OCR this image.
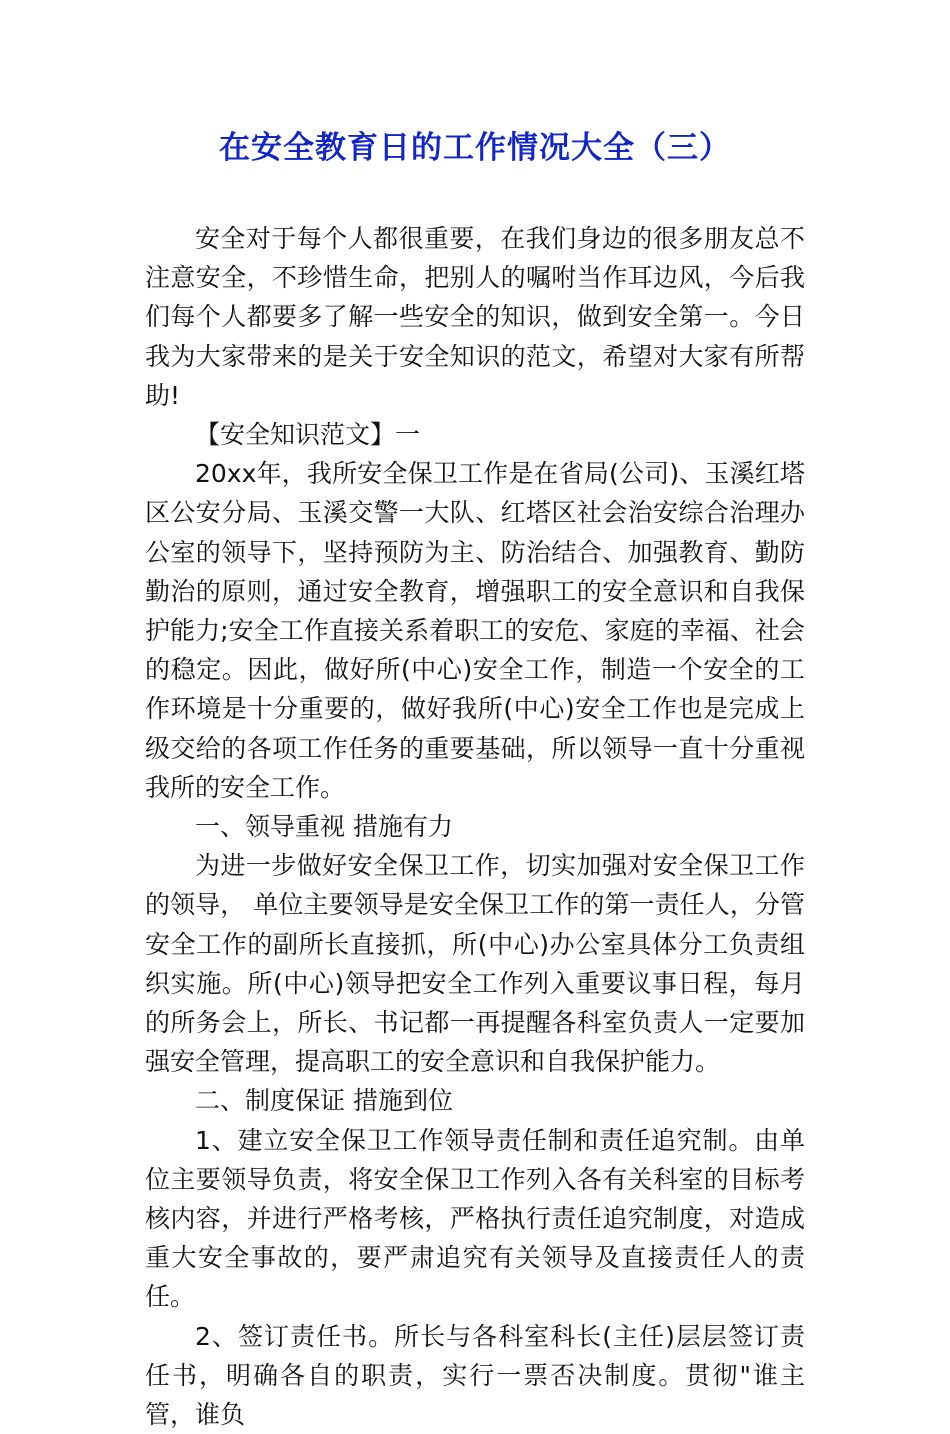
在安全教育日的工作情况大全（三）

安全对于每个人都很重要，在我们身边的很多朋友总不注意安全，不珍惜生命，把别人的嘱咐当作耳边风，今后我们每个人都要多了解一些安全的知识，做到安全第一。今日我为大家带来的是关于安全知识的范文，希望对大家有所帮助!

【安全知识范文】一

20xx年，我所安全保卫工作是在省局(公司)、玉溪红塔区公安分局、玉溪交警一大队、红塔区社会治安综合治理办公室的领导下，坚持预防为主、防治结合、加强教育、勤防勤治的原则，通过安全教育，增强职工的安全意识和自我保护能力;安全工作直接关系着职工的安危、家庭的幸福、社会的稳定。因此，做好所(中心)安全工作，制造一个安全的工作环境是十分重要的，做好我所(中心)安全工作也是完成上级交给的各项工作任务的重要基础，所以领导一直十分重视我所的安全工作。

一、领导重视 措施有力

为进一步做好安全保卫工作，切实加强对安全保卫工作的领导， 单位主要领导是安全保卫工作的第一责任人，分管安全工作的副所长直接抓，所(中心)办公室具体分工负责组织实施。所(中心)领导把安全工作列入重要议事日程，每月的所务会上，所长、书记都一再提醒各科室负责人一定要加强安全管理，提高职工的安全意识和自我保护能力。

二、制度保证 措施到位

1、建立安全保卫工作领导责任制和责任追究制。由单位主要领导负责，将安全保卫工作列入各有关科室的目标考核内容，并进行严格考核，严格执行责任追究制度，对造成重大安全事故的，要严肃追究有关领导及直接责任人的责任。

2、签订责任书。所长与各科室科长(主任)层层签订责任书，明确各自的职责，实行一票否决制度。贯彻"谁主管，谁负
